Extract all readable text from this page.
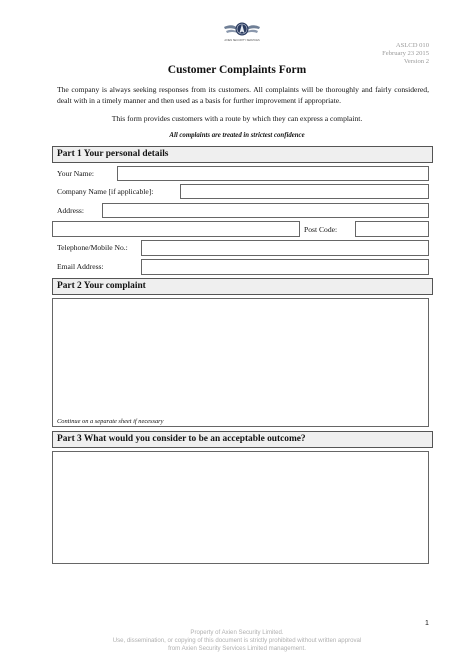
AXIEN SECURITY SERVICES
ASLCD 010
February 23 2015
Version 2
Customer Complaints Form
The company is always seeking responses from its customers. All complaints will be thoroughly and fairly considered, dealt with in a timely manner and then used as a basis for further improvement if appropriate.
This form provides customers with a route by which they can express a complaint.
All complaints are treated in strictest confidence
Part 1 Your personal details
Your Name:
Company Name [if applicable]:
Address:
Post Code:
Telephone/Mobile No.:
Email Address:
Part 2 Your complaint
Continue on a separate sheet if necessary
Part 3 What would you consider to be an acceptable outcome?
1
Property of Axien Security Limited.
Use, dissemination, or copying of this document is strictly prohibited without written approval
from Axien Security Services Limited management.
